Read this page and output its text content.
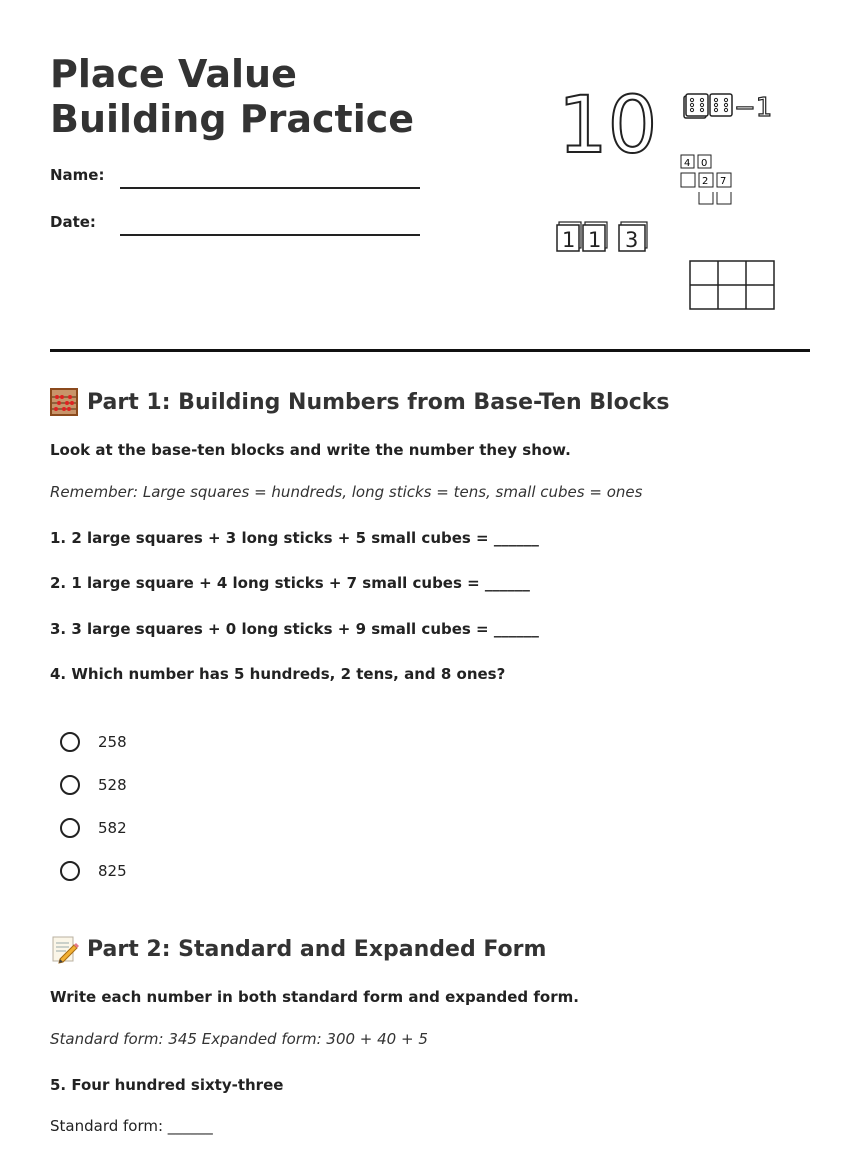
Place Value Building Practice
Name:
Date:
10	−1
4 0
2 7
1 1 3
Part 1: Building Numbers from Base-Ten Blocks
Look at the base-ten blocks and write the number they show.
Remember: Large squares = hundreds, long sticks = tens, small cubes = ones
1. 2 large squares + 3 long sticks + 5 small cubes = ______
2. 1 large square + 4 long sticks + 7 small cubes = ______
3. 3 large squares + 0 long sticks + 9 small cubes = ______
4. Which number has 5 hundreds, 2 tens, and 8 ones?
258
528
582
825
Part 2: Standard and Expanded Form
Write each number in both standard form and expanded form.
Standard form: 345 Expanded form: 300 + 40 + 5
5. Four hundred sixty-three
Standard form: ______
